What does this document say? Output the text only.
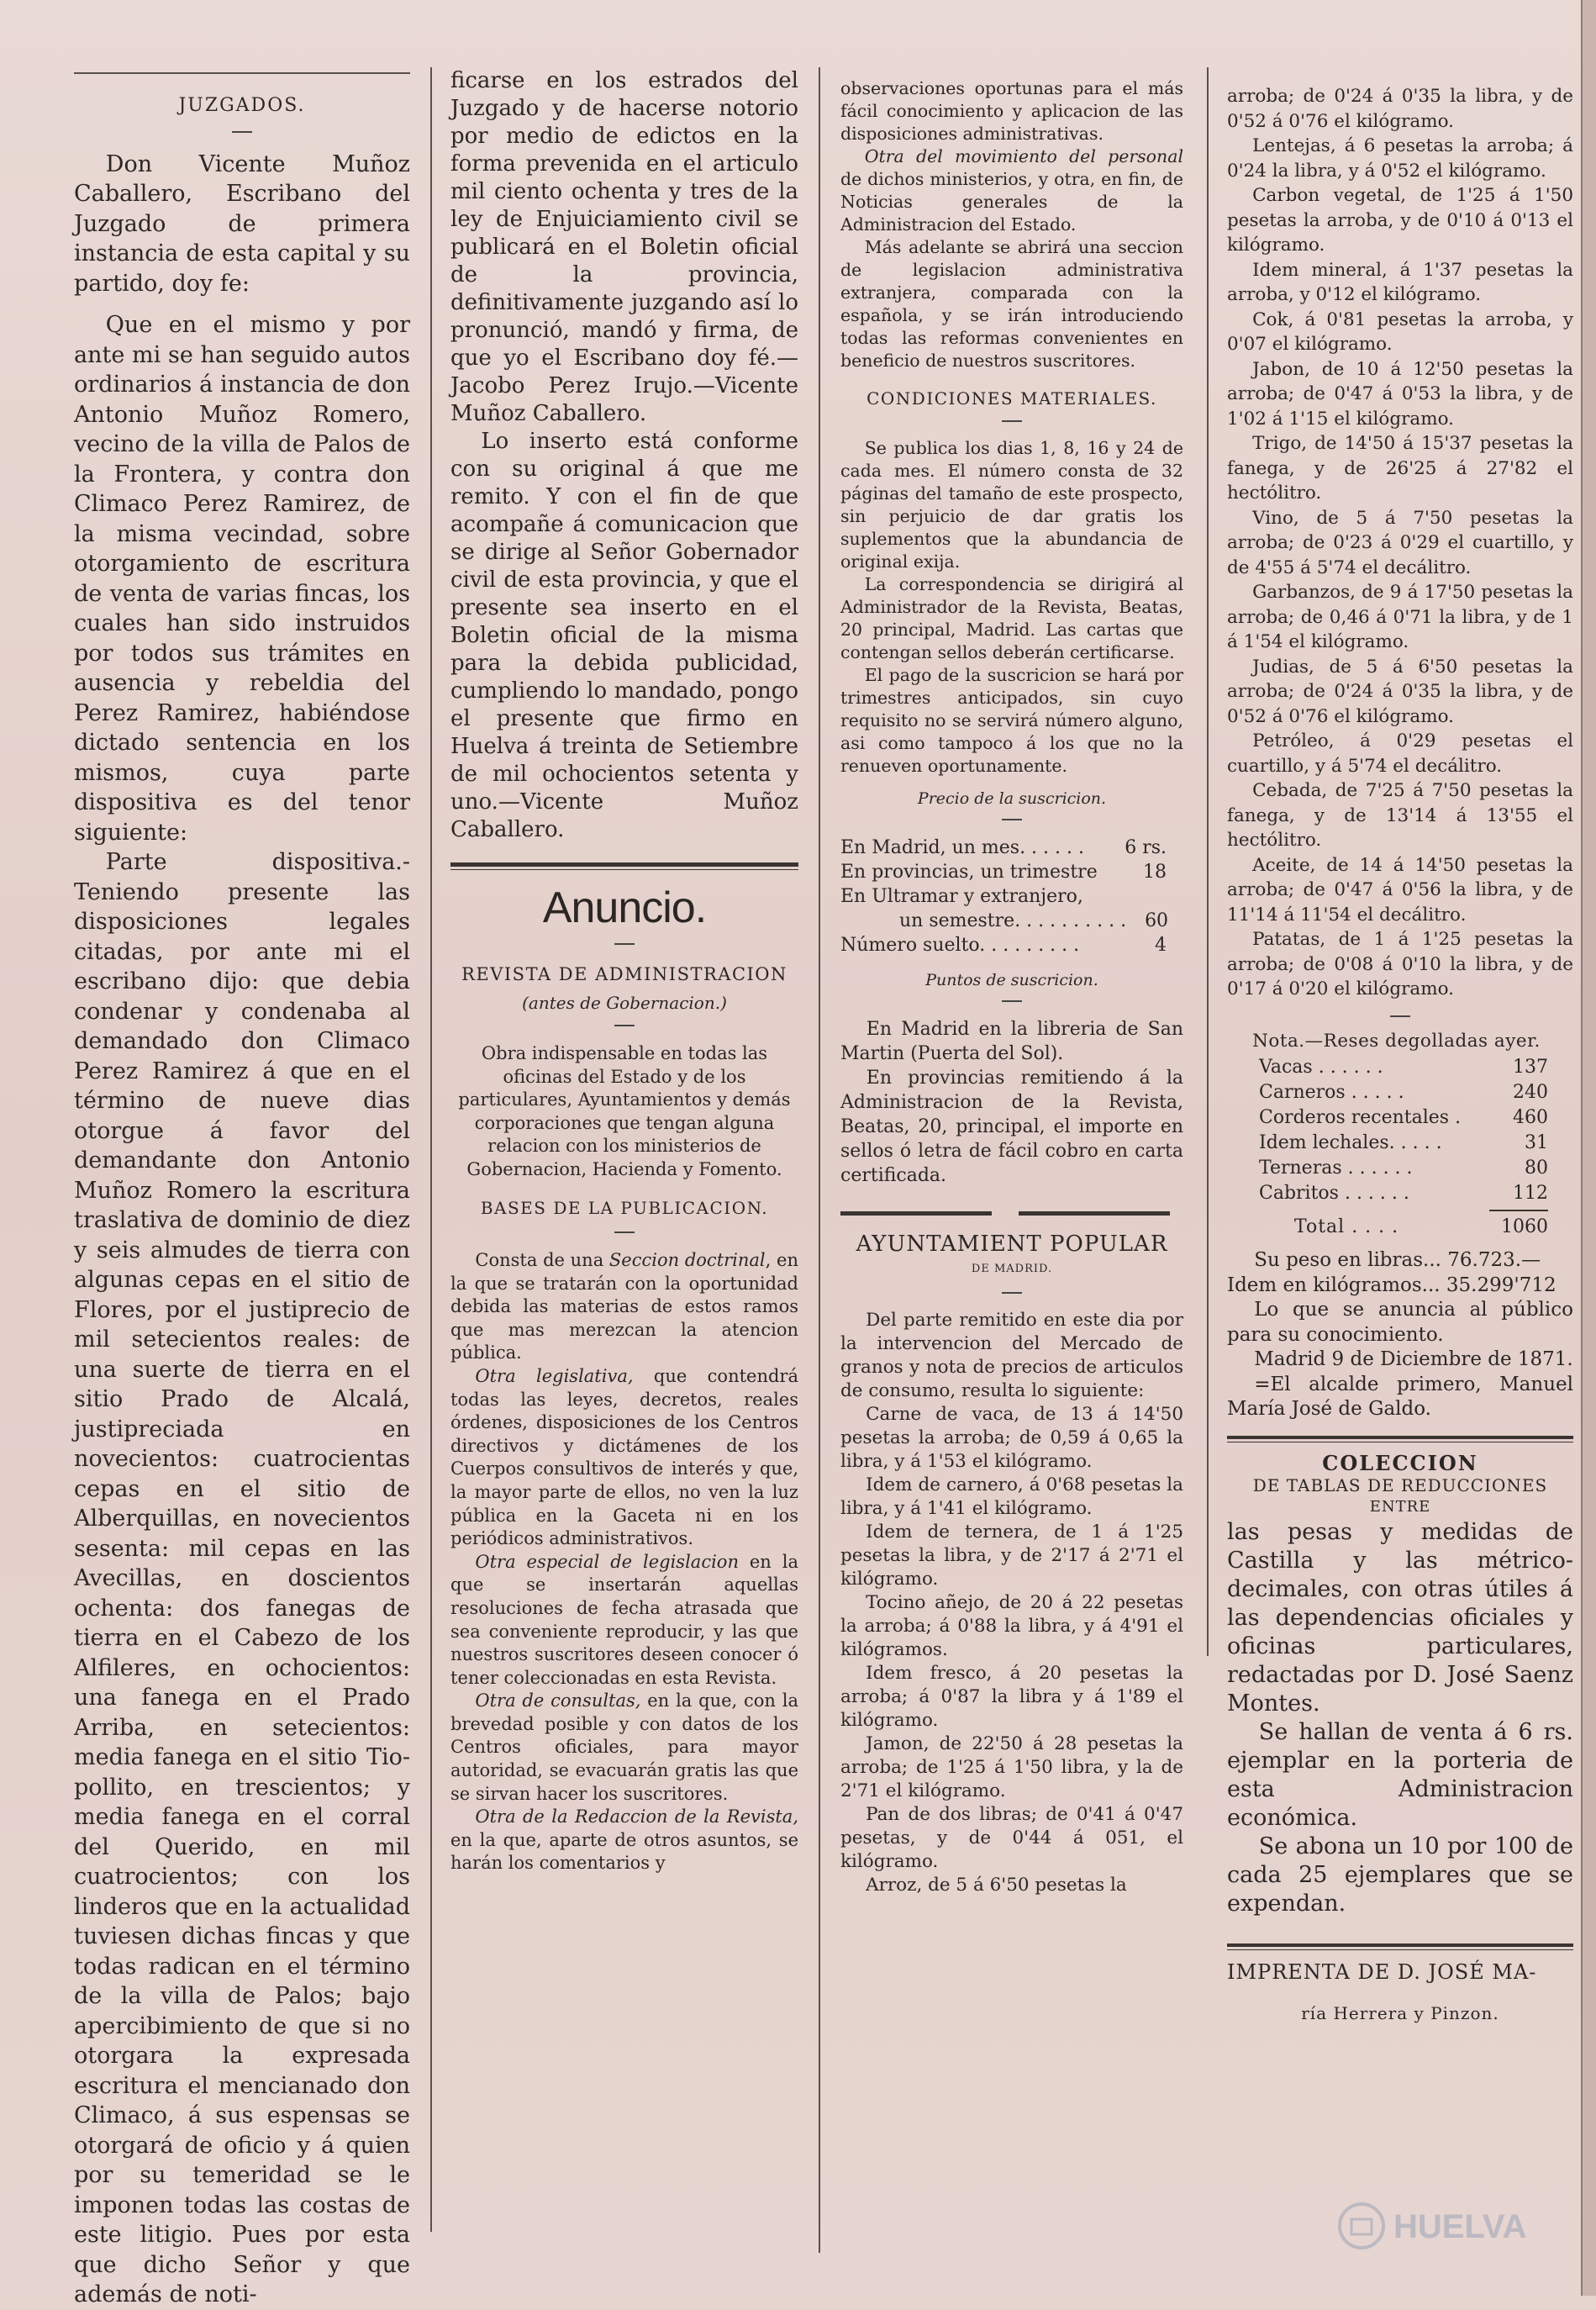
JUZGADOS.

Don Vicente Muñoz Caballero, Escribano del Juzgado de primera instancia de esta capital y su partido, doy fe:

Que en el mismo y por ante mi se han seguido autos ordinarios á instancia de don Antonio Muñoz Romero, vecino de la villa de Palos de la Frontera, y contra don Climaco Perez Ramirez, de la misma vecindad, sobre otorgamiento de escritura de venta de varias fincas, los cuales han sido instruidos por todos sus trámites en ausencia y rebeldia del Perez Ramirez, habiéndose dictado sentencia en los mismos, cuya parte dispositiva es del tenor siguiente:

Parte dispositiva.-Teniendo presente las disposiciones legales citadas, por ante mi el escribano dijo: que debia condenar y condenaba al demandado don Climaco Perez Ramirez á que en el término de nueve dias otorgue á favor del demandante don Antonio Muñoz Romero la escritura traslativa de dominio de diez y seis almudes de tierra con algunas cepas en el sitio de Flores, por el justiprecio de mil setecientos reales: de una suerte de tierra en el sitio Prado de Alcalá, justipreciada en novecientos: cuatrocientas cepas en el sitio de Alberquillas, en novecientos sesenta: mil cepas en las Avecillas, en doscientos ochenta: dos fanegas de tierra en el Cabezo de los Alfileres, en ochocientos: una fanega en el Prado Arriba, en setecientos: media fanega en el sitio Tio-pollito, en trescientos; y media fanega en el corral del Querido, en mil cuatrocientos; con los linderos que en la actualidad tuviesen dichas fincas y que todas radican en el término de la villa de Palos; bajo apercibimiento de que si no otorgara la expresada escritura el mencianado don Climaco, á sus espensas se otorgará de oficio y á quien por su temeridad se le imponen todas las costas de este litigio. Pues por esta que dicho Señor y que además de noti-

ficarse en los estrados del Juzgado y de hacerse notorio por medio de edictos en la forma prevenida en el articulo mil ciento ochenta y tres de la ley de Enjuiciamiento civil se publicará en el Boletin oficial de la provincia, definitivamente juzgando así lo pronunció, mandó y firma, de que yo el Escribano doy fé.—Jacobo Perez Irujo.—Vicente Muñoz Caballero.

Lo inserto está conforme con su original á que me remito. Y con el fin de que acompañe á comunicacion que se dirige al Señor Gobernador civil de esta provincia, y que el presente sea inserto en el Boletin oficial de la misma para la debida publicidad, cumpliendo lo mandado, pongo el presente que firmo en Huelva á treinta de Setiembre de mil ochocientos setenta y uno.—Vicente Muñoz Caballero.

Anuncio.
REVISTA DE ADMINISTRACION
(antes de Gobernacion.)

Obra indispensable en todas las oficinas del Estado y de los particulares, Ayuntamientos y demás corporaciones que tengan alguna relacion con los ministerios de Gobernacion, Hacienda y Fomento.

BASES DE LA PUBLICACION.

Consta de una Seccion doctrinal, en la que se tratarán con la oportunidad debida las materias de estos ramos que mas merezcan la atencion pública.

Otra legislativa, que contendrá todas las leyes, decretos, reales órdenes, disposiciones de los Centros directivos y dictámenes de los Cuerpos consultivos de interés y que, la mayor parte de ellos, no ven la luz pública en la Gaceta ni en los periódicos administrativos.

Otra especial de legislacion en la que se insertarán aquellas resoluciones de fecha atrasada que sea conveniente reproducir, y las que nuestros suscritores deseen conocer ó tener coleccionadas en esta Revista.

Otra de consultas, en la que, con la brevedad posible y con datos de los Centros oficiales, para mayor autoridad, se evacuarán gratis las que se sirvan hacer los suscritores.

Otra de la Redaccion de la Revista, en la que, aparte de otros asuntos, se harán los comentarios y

observaciones oportunas para el más fácil conocimiento y aplicacion de las disposiciones administrativas.

Otra del movimiento del personal de dichos ministerios, y otra, en fin, de Noticias generales de la Administracion del Estado.

Más adelante se abrirá una seccion de legislacion administrativa extranjera, comparada con la española, y se irán introduciendo todas las reformas convenientes en beneficio de nuestros suscritores.

CONDICIONES MATERIALES.

Se publica los dias 1, 8, 16 y 24 de cada mes. El número consta de 32 páginas del tamaño de este prospecto, sin perjuicio de dar gratis los suplementos que la abundancia de original exija.

La correspondencia se dirigirá al Administrador de la Revista, Beatas, 20 principal, Madrid. Las cartas que contengan sellos deberán certificarse.

El pago de la suscricion se hará por trimestres anticipados, sin cuyo requisito no se servirá número alguno, asi como tampoco á los que no la renueven oportunamente.

Precio de la suscricion.
En Madrid, un mes. . . . . . 6 rs.
En provincias, un trimestre	18
En Ultramar y extranjero,
un semestre. . . . . . . . . .	60
Número suelto. . . . . . . . .	4
Puntos de suscricion.

En Madrid en la libreria de San Martin (Puerta del Sol).

En provincias remitiendo á la Administracion de la Revista, Beatas, 20, principal, el importe en sellos ó letra de fácil cobro en carta certificada.

AYUNTAMIENT POPULAR
DE MADRID.

Del parte remitido en este dia por la intervencion del Mercado de granos y nota de precios de articulos de consumo, resulta lo siguiente:

Carne de vaca, de 13 á 14'50 pesetas la arroba; de 0,59 á 0,65 la libra, y á 1'53 el kilógramo.

Idem de carnero, á 0'68 pesetas la libra, y á 1'41 el kilógramo.

Idem de ternera, de 1 á 1'25 pesetas la libra, y de 2'17 á 2'71 el kilógramo.

Tocino añejo, de 20 á 22 pesetas la arroba; á 0'88 la libra, y á 4'91 el kilógramos.

Idem fresco, á 20 pesetas la arroba; á 0'87 la libra y á 1'89 el kilógramo.

Jamon, de 22'50 á 28 pesetas la arroba; de 1'25 á 1'50 libra, y la de 2'71 el kilógramo.

Pan de dos libras; de 0'41 á 0'47 pesetas, y de 0'44 á 051, el kilógramo.

Arroz, de 5 á 6'50 pesetas la

arroba; de 0'24 á 0'35 la libra, y de 0'52 á 0'76 el kilógramo.

Lentejas, á 6 pesetas la arroba; á 0'24 la libra, y á 0'52 el kilógramo.

Carbon vegetal, de 1'25 á 1'50 pesetas la arroba, y de 0'10 á 0'13 el kilógramo.

Idem mineral, á 1'37 pesetas la arroba, y 0'12 el kilógramo.

Cok, á 0'81 pesetas la arroba, y 0'07 el kilógramo.

Jabon, de 10 á 12'50 pesetas la arroba; de 0'47 á 0'53 la libra, y de 1'02 á 1'15 el kilógramo.

Trigo, de 14'50 á 15'37 pesetas la fanega, y de 26'25 á 27'82 el hectólitro.

Vino, de 5 á 7'50 pesetas la arroba; de 0'23 á 0'29 el cuartillo, y de 4'55 á 5'74 el decálitro.

Garbanzos, de 9 á 17'50 pesetas la arroba; de 0,46 á 0'71 la libra, y de 1 á 1'54 el kilógramo.

Judias, de 5 á 6'50 pesetas la arroba; de 0'24 á 0'35 la libra, y de 0'52 á 0'76 el kilógramo.

Petróleo, á 0'29 pesetas el cuartillo, y á 5'74 el decálitro.

Cebada, de 7'25 á 7'50 pesetas la fanega, y de 13'14 á 13'55 el hectólitro.

Aceite, de 14 á 14'50 pesetas la arroba; de 0'47 á 0'56 la libra, y de 11'14 á 11'54 el decálitro.

Patatas, de 1 á 1'25 pesetas la arroba; de 0'08 á 0'10 la libra, y de 0'17 á 0'20 el kilógramo.

Nota.—Reses degolladas ayer.

Vacas . . . . . .	137
Carneros . . . . .	240
Corderos recentales .	460
Idem lechales. . . . .	31
Terneras . . . . . .	80
Cabritos . . . . . .	112
Total . . . .	1060

Su peso en libras... 76.723.—

Idem en kilógramos... 35.299'712

Lo que se anuncia al público para su conocimiento.

Madrid 9 de Diciembre de 1871.

=El alcalde primero, Manuel María José de Galdo.

COLECCION
DE TABLAS DE REDUCCIONES
ENTRE

las pesas y medidas de Castilla y las métrico-decimales, con otras útiles á las dependencias oficiales y oficinas particulares, redactadas por D. José Saenz Montes.

Se hallan de venta á 6 rs. ejemplar en la porteria de esta Administracion económica.

Se abona un 10 por 100 de cada 25 ejemplares que se expendan.

IMPRENTA DE D. JOSÉ MA-
ría Herrera y Pinzon.
HUELVA
